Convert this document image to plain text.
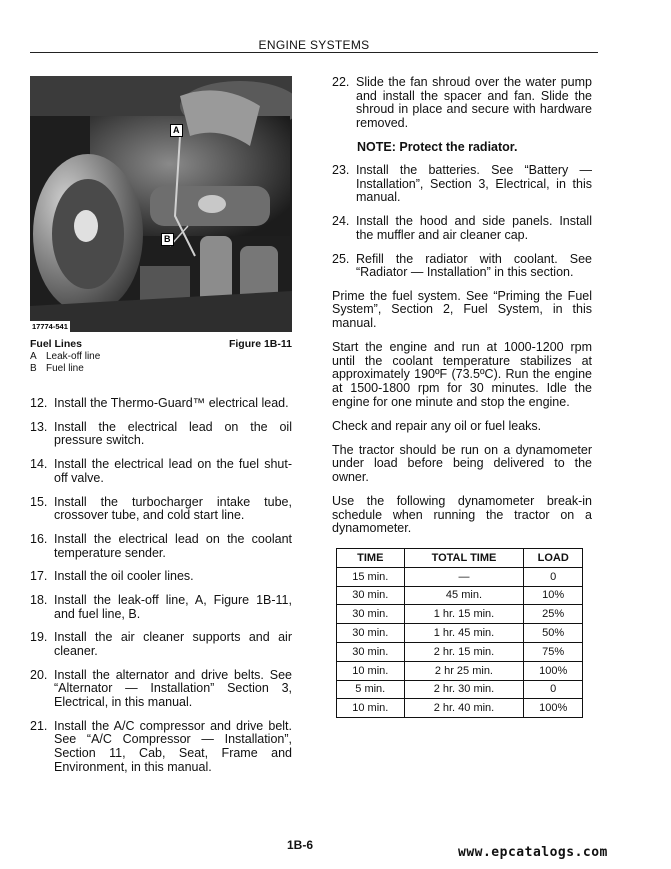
ENGINE SYSTEMS
A
B
17774-541
Fuel Lines	Figure 1B-11
A Leak-off line
B Fuel line
12. Install the Thermo-Guard™ electrical lead.
13. Install the electrical lead on the oil pressure switch.
14. Install the electrical lead on the fuel shut-off valve.
15. Install the turbocharger intake tube, crossover tube, and cold start line.
16. Install the electrical lead on the coolant temperature sender.
17. Install the oil cooler lines.
18. Install the leak-off line, A, Figure 1B-11, and fuel line, B.
19. Install the air cleaner supports and air cleaner.
20. Install the alternator and drive belts. See “Alternator — Installation” Section 3, Electrical, in this manual.
21. Install the A/C compressor and drive belt. See “A/C Compressor — Installation”, Section 11, Cab, Seat, Frame and Environment, in this manual.
22. Slide the fan shroud over the water pump and install the spacer and fan. Slide the shroud in place and secure with hardware removed.
NOTE: Protect the radiator.
23. Install the batteries. See “Battery — Installation”, Section 3, Electrical, in this manual.
24. Install the hood and side panels. Install the muffler and air cleaner cap.
25. Refill the radiator with coolant. See “Radiator — Installation” in this section.

Prime the fuel system. See “Priming the Fuel System”, Section 2, Fuel System, in this manual.

Start the engine and run at 1000-1200 rpm until the coolant temperature stabilizes at approximately 190ºF (73.5ºC). Run the engine at 1500-1800 rpm for 30 minutes. Idle the engine for one minute and stop the engine.

Check and repair any oil or fuel leaks.

The tractor should be run on a dynamometer under load before being delivered to the owner.

Use the following dynamometer break-in schedule when running the tractor on a dynamometer.

TIME	TOTAL TIME	LOAD
15 min.	—	0
30 min.	45 min.	10%
30 min.	1 hr. 15 min.	25%
30 min.	1 hr. 45 min.	50%
30 min.	2 hr. 15 min.	75%
10 min.	2 hr 25 min.	100%
5 min.	2 hr. 30 min.	0
10 min.	2 hr. 40 min.	100%
1B-6	www.epcatalogs.com
